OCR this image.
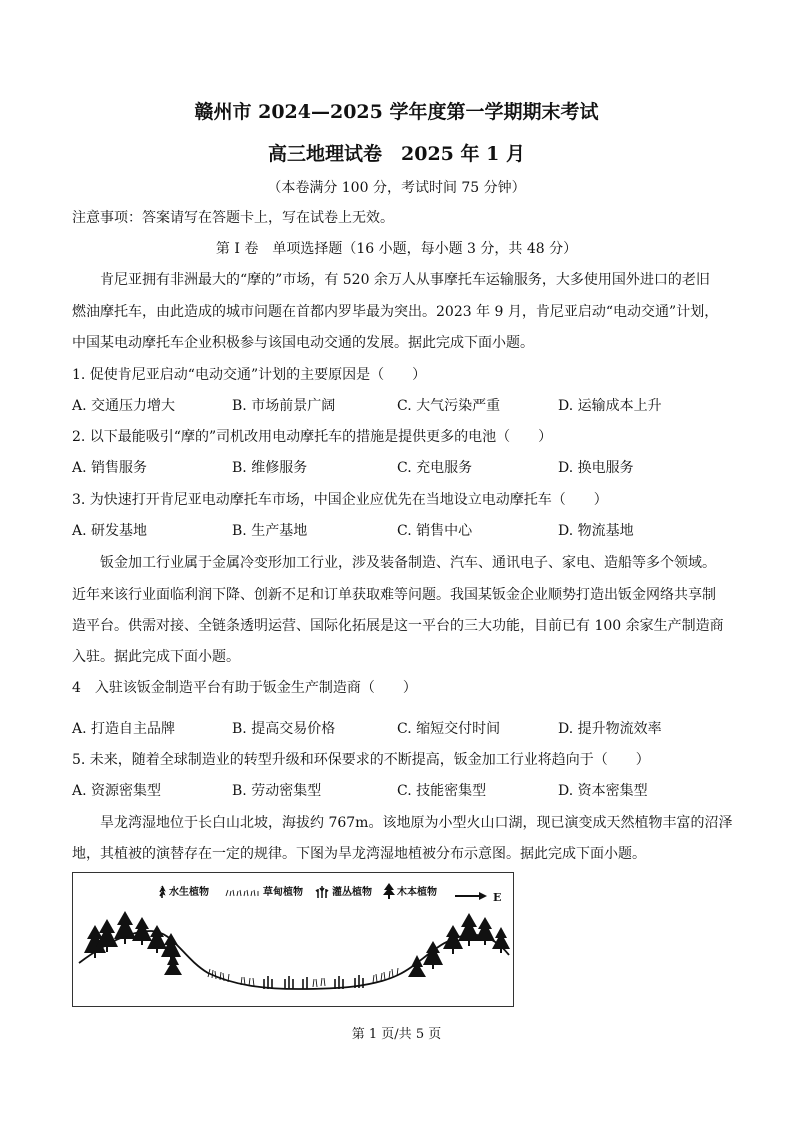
赣州市 2024—2025 学年度第一学期期末考试
高三地理试卷　2025 年 1 月
（本卷满分 100 分，考试时间 75 分钟）
注意事项：答案请写在答题卡上，写在试卷上无效。
第 I 卷　单项选择题（16 小题，每小题 3 分，共 48 分）
肯尼亚拥有非洲最大的“摩的”市场，有 520 余万人从事摩托车运输服务，大多使用国外进口的老旧
燃油摩托车，由此造成的城市问题在首都内罗毕最为突出。2023 年 9 月，肯尼亚启动“电动交通”计划，
中国某电动摩托车企业积极参与该国电动交通的发展。据此完成下面小题。
1. 促使肯尼亚启动“电动交通”计划的主要原因是（　　）
A. 交通压力增大	B. 市场前景广阔	C. 大气污染严重	D. 运输成本上升
2. 以下最能吸引“摩的”司机改用电动摩托车的措施是提供更多的电池（　　）
A. 销售服务	B. 维修服务	C. 充电服务	D. 换电服务
3. 为快速打开肯尼亚电动摩托车市场，中国企业应优先在当地设立电动摩托车（　　）
A. 研发基地	B. 生产基地	C. 销售中心	D. 物流基地
钣金加工行业属于金属冷变形加工行业，涉及装备制造、汽车、通讯电子、家电、造船等多个领域。
近年来该行业面临利润下降、创新不足和订单获取难等问题。我国某钣金企业顺势打造出钣金网络共享制
造平台。供需对接、全链条透明运营、国际化拓展是这一平台的三大功能，目前已有 100 余家生产制造商
入驻。据此完成下面小题。
4　入驻该钣金制造平台有助于钣金生产制造商（　　）
A. 打造自主品牌	B. 提高交易价格	C. 缩短交付时间	D. 提升物流效率
5. 未来，随着全球制造业的转型升级和环保要求的不断提高，钣金加工行业将趋向于（　　）
A. 资源密集型	B. 劳动密集型	C. 技能密集型	D. 资本密集型
旱龙湾湿地位于长白山北坡，海拔约 767m。该地原为小型火山口湖，现已演变成天然植物丰富的沼泽
地，其植被的演替存在一定的规律。下图为旱龙湾湿地植被分布示意图。据此完成下面小题。
水生植物	草甸植物	灌丛植物	木本植物	E
第 1 页/共 5 页
